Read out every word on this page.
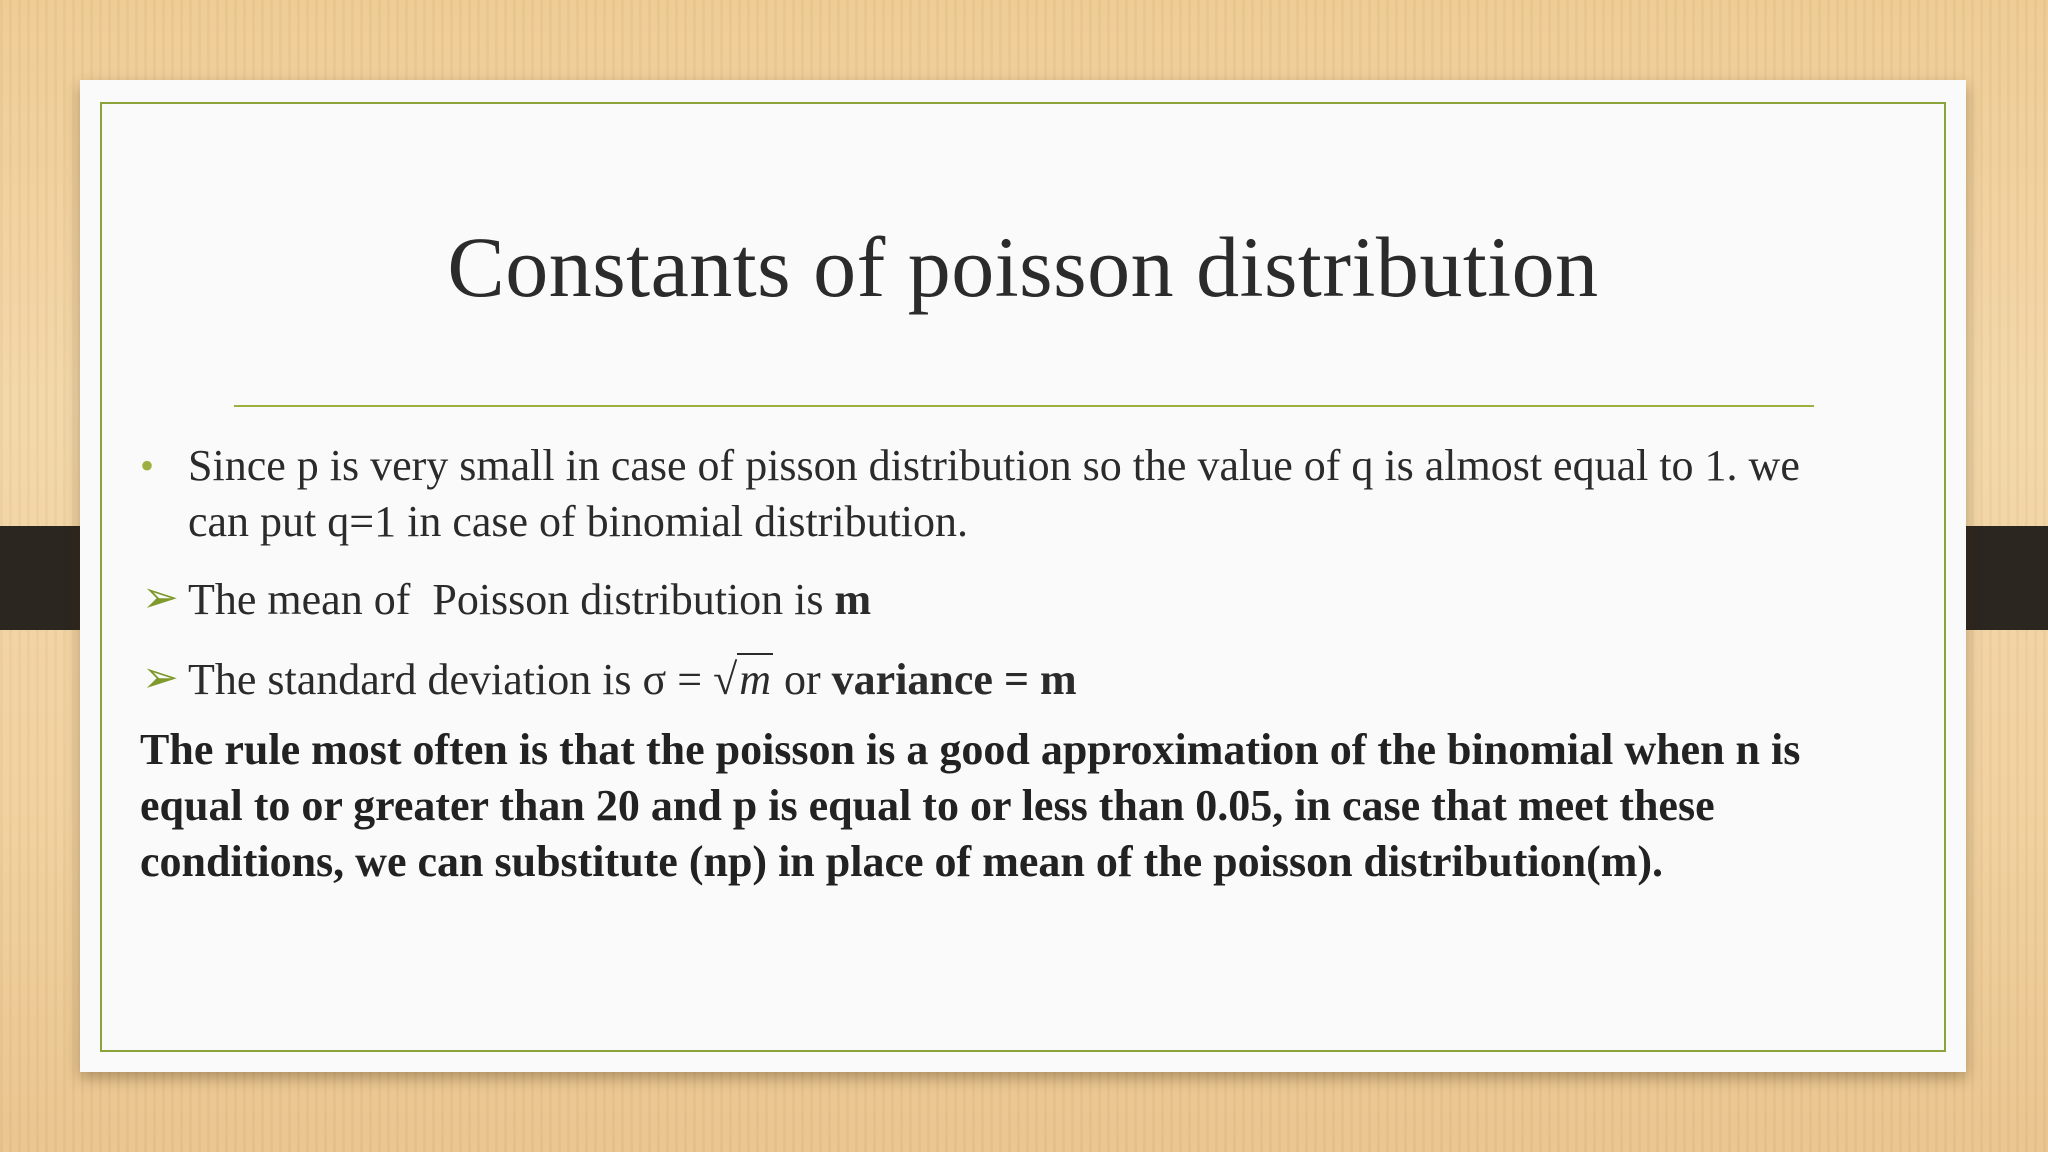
Constants of poisson distribution
• Since p is very small in case of pisson distribution so the value of q is almost equal to 1. we can put q=1 in case of binomial distribution.
➢ The mean of  Poisson distribution is m
➢ The standard deviation is σ = √m or variance = m
The rule most often is that the poisson is a good approximation of the binomial when n is equal to or greater than 20 and p is equal to or less than 0.05, in case that meet these conditions, we can substitute (np) in place of mean of the poisson distribution(m).
